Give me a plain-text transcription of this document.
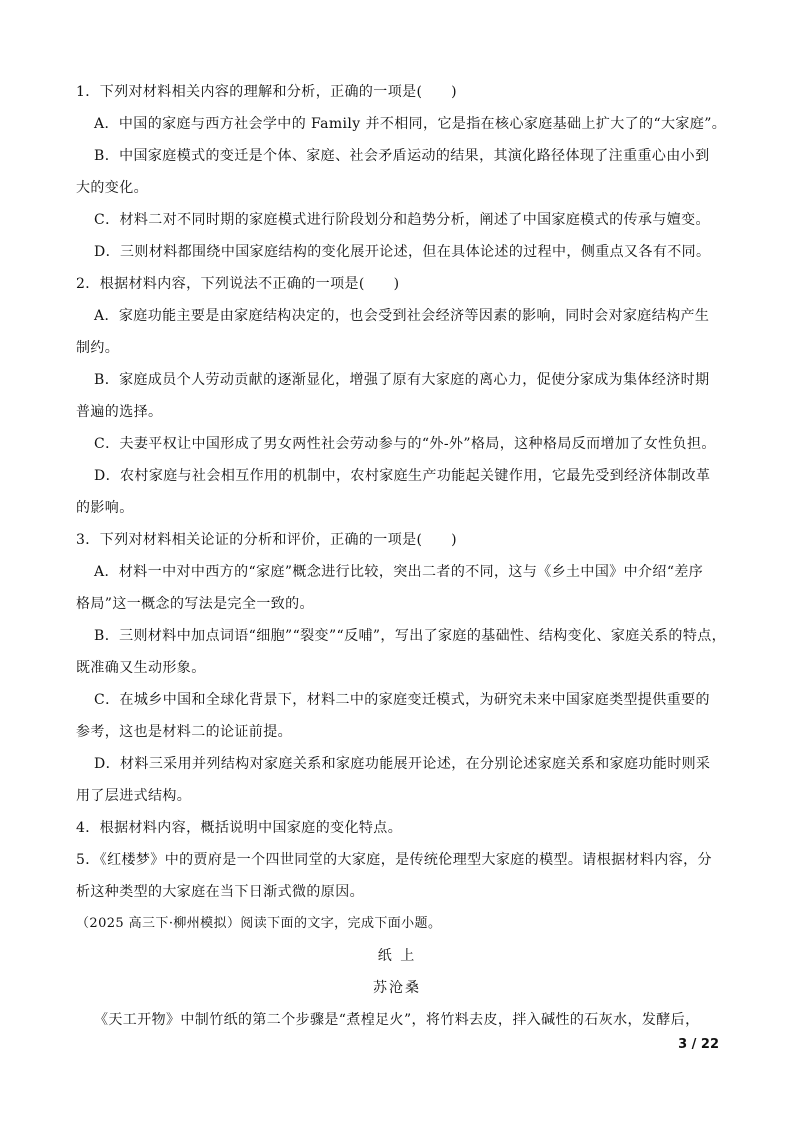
1．下列对材料相关内容的理解和分析，正确的一项是(　　)
A．中国的家庭与西方社会学中的 Family 并不相同，它是指在核心家庭基础上扩大了的“大家庭”。
B．中国家庭模式的变迁是个体、家庭、社会矛盾运动的结果，其演化路径体现了注重重心由小到
大的变化。
C．材料二对不同时期的家庭模式进行阶段划分和趋势分析，阐述了中国家庭模式的传承与嬗变。
D．三则材料都围绕中国家庭结构的变化展开论述，但在具体论述的过程中，侧重点又各有不同。
2．根据材料内容，下列说法不正确的一项是(　　)
A．家庭功能主要是由家庭结构决定的，也会受到社会经济等因素的影响，同时会对家庭结构产生
制约。
B．家庭成员个人劳动贡献的逐渐显化，增强了原有大家庭的离心力，促使分家成为集体经济时期
普遍的选择。
C．夫妻平权让中国形成了男女两性社会劳动参与的“外-外”格局，这种格局反而增加了女性负担。
D．农村家庭与社会相互作用的机制中，农村家庭生产功能起关键作用，它最先受到经济体制改革
的影响。
3．下列对材料相关论证的分析和评价，正确的一项是(　　)
A．材料一中对中西方的“家庭”概念进行比较，突出二者的不同，这与《乡土中国》中介绍“差序
格局”这一概念的写法是完全一致的。
B．三则材料中加点词语“细胞”“裂变”“反哺”，写出了家庭的基础性、结构变化、家庭关系的特点，
既准确又生动形象。
C．在城乡中国和全球化背景下，材料二中的家庭变迁模式，为研究未来中国家庭类型提供重要的
参考，这也是材料二的论证前提。
D．材料三采用并列结构对家庭关系和家庭功能展开论述，在分别论述家庭关系和家庭功能时则采
用了层进式结构。
4．根据材料内容，概括说明中国家庭的变化特点。
5．《红楼梦》中的贾府是一个四世同堂的大家庭，是传统伦理型大家庭的模型。请根据材料内容，分
析这种类型的大家庭在当下日渐式微的原因。
（2025 高三下·柳州模拟）阅读下面的文字，完成下面小题。
纸 上
苏沧桑
《天工开物》中制竹纸的第二个步骤是“煮楻足火”，将竹料去皮，拌入碱性的石灰水，发酵后，
3 / 22
